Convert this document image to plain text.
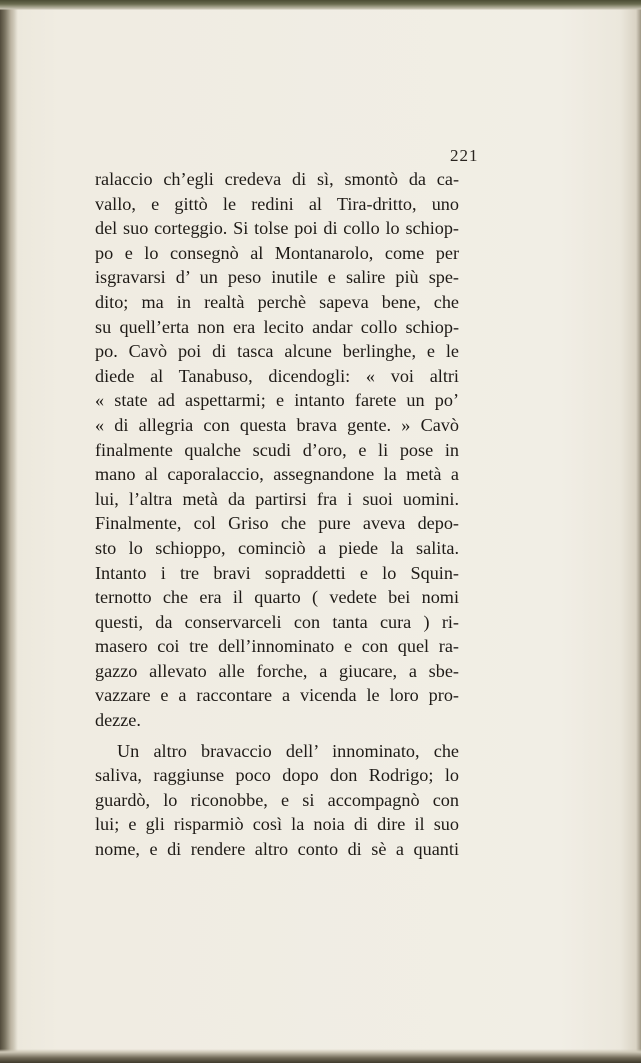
221
ralaccio ch’egli credeva di sì, smontò da ca-
vallo, e gittò le redini al Tira-dritto, uno
del suo corteggio. Si tolse poi di collo lo schiop-
po e lo consegnò al Montanarolo, come per
isgravarsi d’ un peso inutile e salire più spe-
dito; ma in realtà perchè sapeva bene, che
su quell’erta non era lecito andar collo schiop-
po. Cavò poi di tasca alcune berlinghe, e le
diede al Tanabuso, dicendogli: « voi altri
« state ad aspettarmi; e intanto farete un po’
« di allegria con questa brava gente. » Cavò
finalmente qualche scudi d’oro, e li pose in
mano al caporalaccio, assegnandone la metà a
lui, l’altra metà da partirsi fra i suoi uomini.
Finalmente, col Griso che pure aveva depo-
sto lo schioppo, cominciò a piede la salita.
Intanto i tre bravi sopraddetti e lo Squin-
ternotto che era il quarto ( vedete bei nomi
questi, da conservarceli con tanta cura ) ri-
masero coi tre dell’innominato e con quel ra-
gazzo allevato alle forche, a giucare, a sbe-
vazzare e a raccontare a vicenda le loro pro-
dezze.
Un altro bravaccio dell’ innominato, che
saliva, raggiunse poco dopo don Rodrigo; lo
guardò, lo riconobbe, e si accompagnò con
lui; e gli risparmiò così la noia di dire il suo
nome, e di rendere altro conto di sè a quanti
